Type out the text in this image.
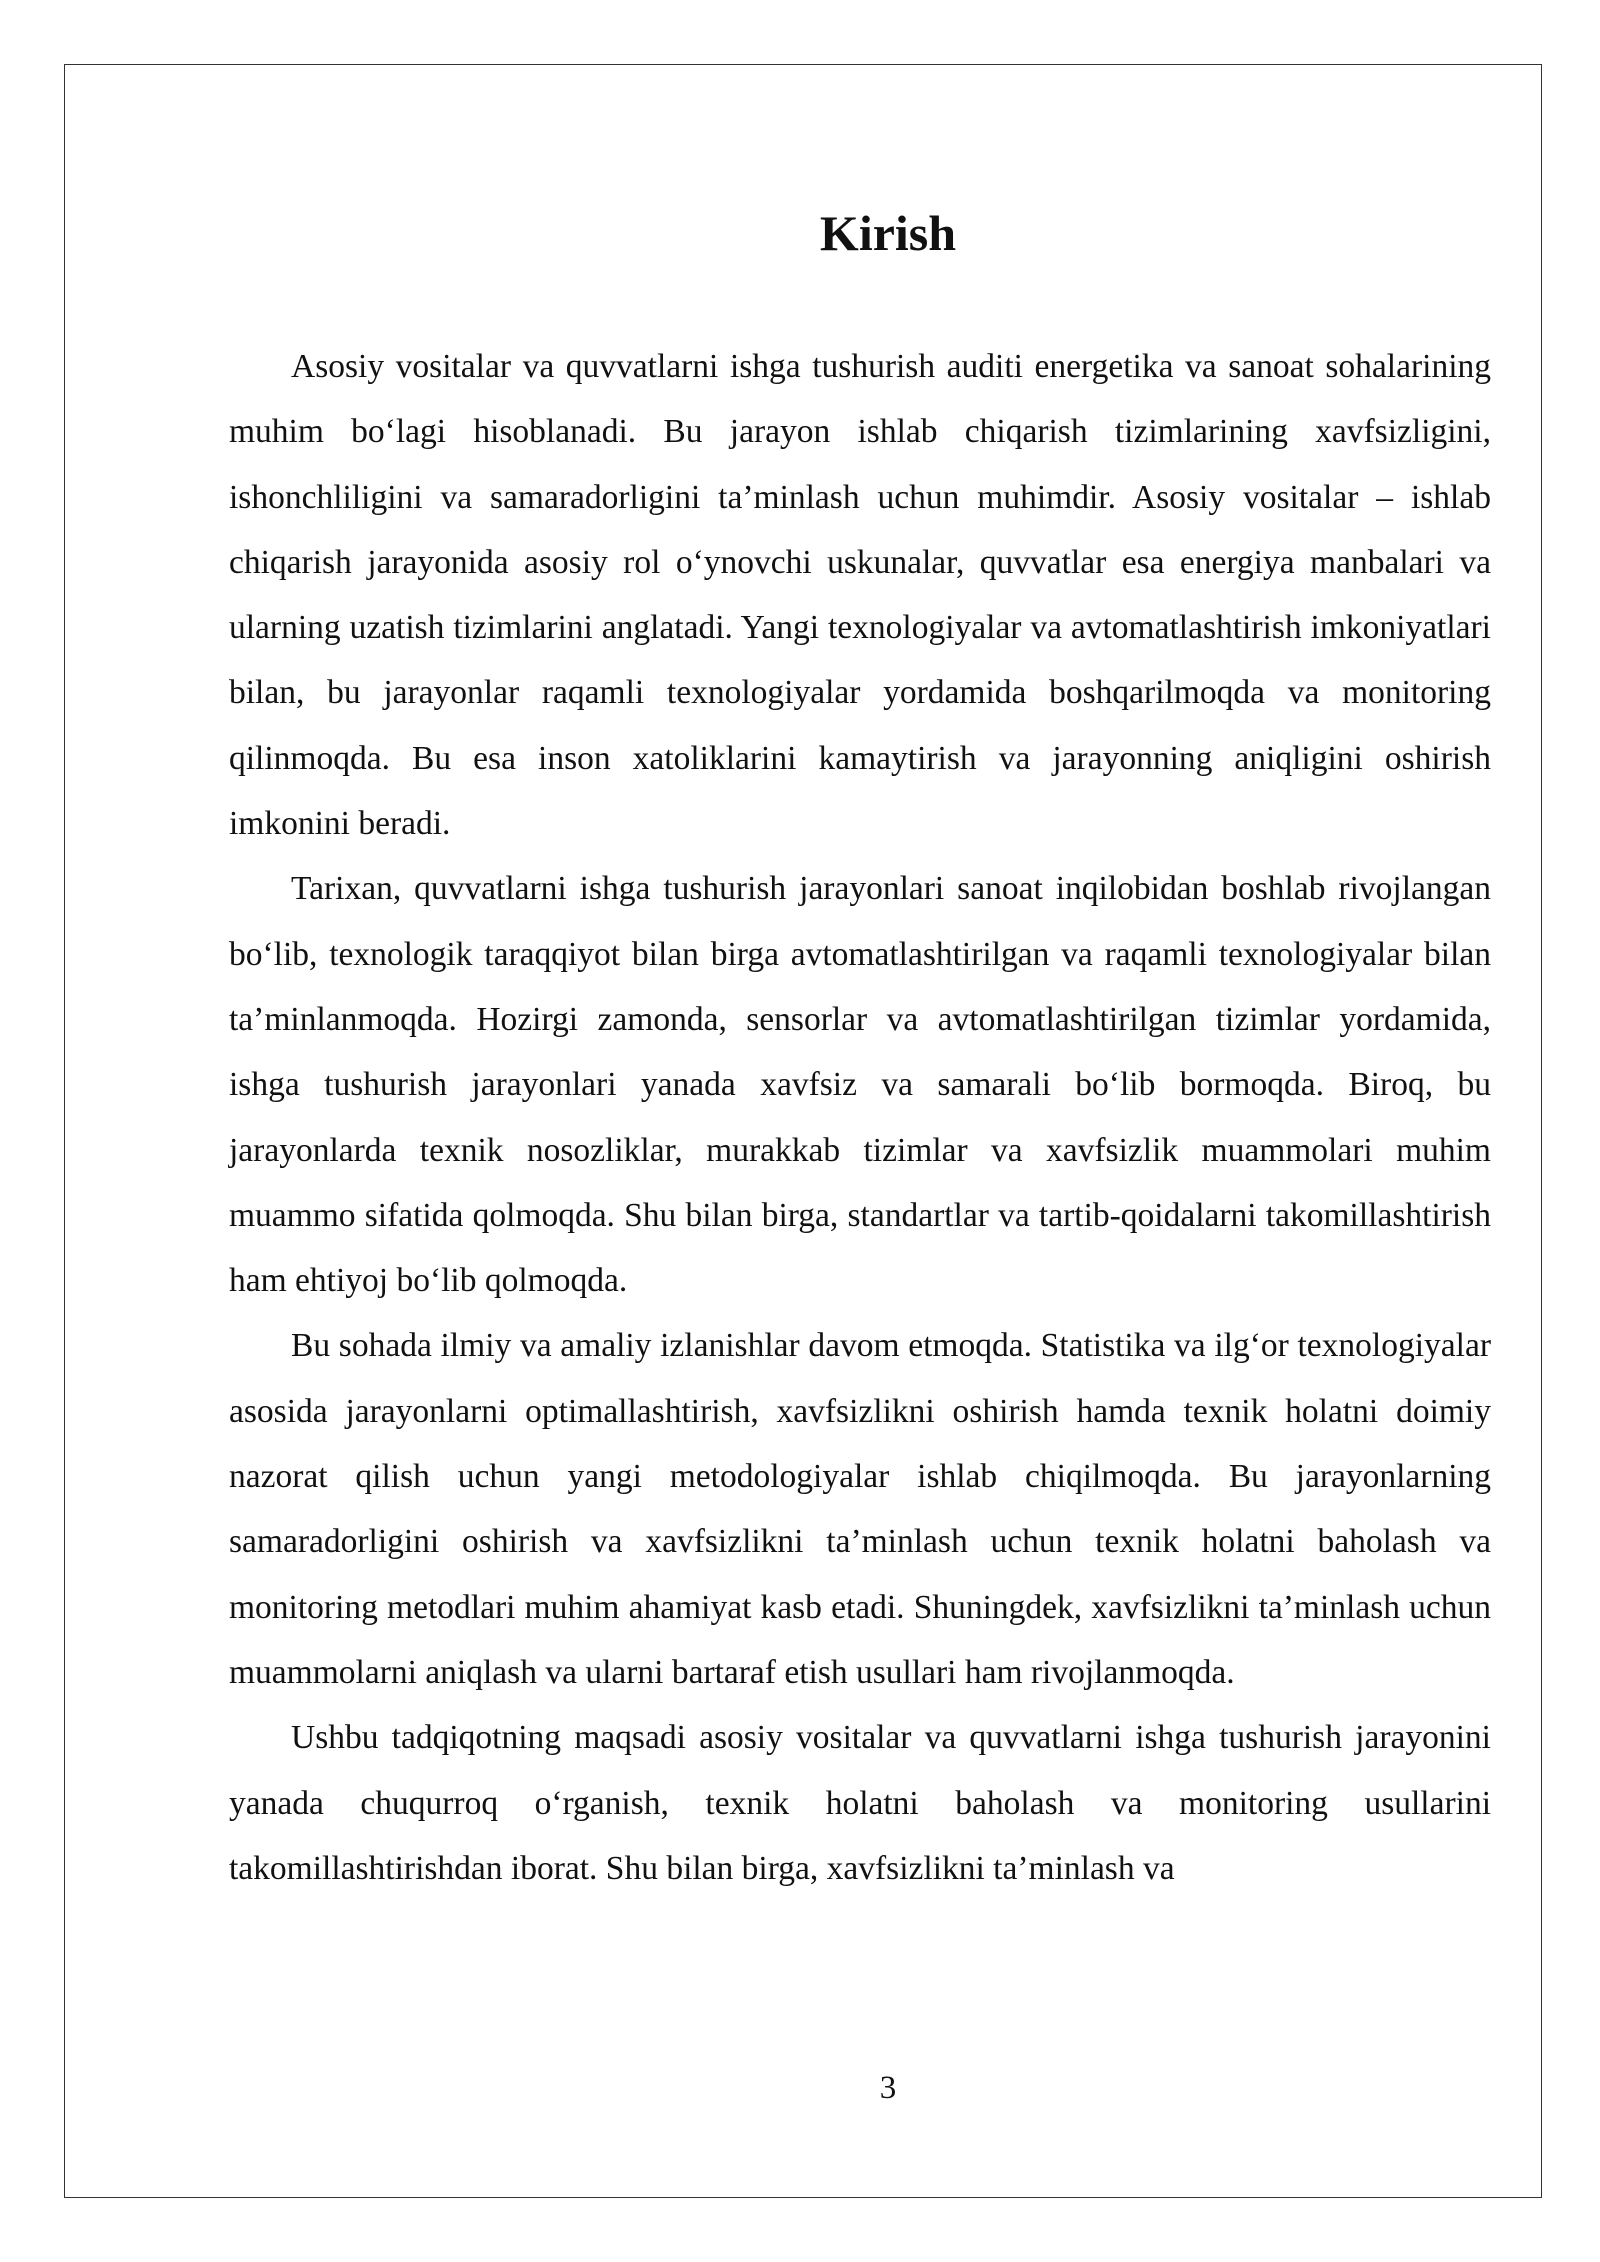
Kirish

Asosiy vositalar va quvvatlarni ishga tushurish auditi energetika va sanoat sohalarining muhim bo‘lagi hisoblanadi. Bu jarayon ishlab chiqarish tizimlarining xavfsizligini, ishonchliligini va samaradorligini ta’minlash uchun muhimdir. Asosiy vositalar – ishlab chiqarish jarayonida asosiy rol o‘ynovchi uskunalar, quvvatlar esa energiya manbalari va ularning uzatish tizimlarini anglatadi. Yangi texnologiyalar va avtomatlashtirish imkoniyatlari bilan, bu jarayonlar raqamli texnologiyalar yordamida boshqarilmoqda va monitoring qilinmoqda. Bu esa inson xatoliklarini kamaytirish va jarayonning aniqligini oshirish imkonini beradi.

Tarixan, quvvatlarni ishga tushurish jarayonlari sanoat inqilobidan boshlab rivojlangan bo‘lib, texnologik taraqqiyot bilan birga avtomatlashtirilgan va raqamli texnologiyalar bilan ta’minlanmoqda. Hozirgi zamonda, sensorlar va avtomatlashtirilgan tizimlar yordamida, ishga tushurish jarayonlari yanada xavfsiz va samarali bo‘lib bormoqda. Biroq, bu jarayonlarda texnik nosozliklar, murakkab tizimlar va xavfsizlik muammolari muhim muammo sifatida qolmoqda. Shu bilan birga, standartlar va tartib-qoidalarni takomillashtirish ham ehtiyoj bo‘lib qolmoqda.

Bu sohada ilmiy va amaliy izlanishlar davom etmoqda. Statistika va ilg‘or texnologiyalar asosida jarayonlarni optimallashtirish, xavfsizlikni oshirish hamda texnik holatni doimiy nazorat qilish uchun yangi metodologiyalar ishlab chiqilmoqda. Bu jarayonlarning samaradorligini oshirish va xavfsizlikni ta’minlash uchun texnik holatni baholash va monitoring metodlari muhim ahamiyat kasb etadi. Shuningdek, xavfsizlikni ta’minlash uchun muammolarni aniqlash va ularni bartaraf etish usullari ham rivojlanmoqda.

Ushbu tadqiqotning maqsadi asosiy vositalar va quvvatlarni ishga tushurish jarayonini yanada chuqurroq o‘rganish, texnik holatni baholash va monitoring usullarini takomillashtirishdan iborat. Shu bilan birga, xavfsizlikni ta’minlash va

3
